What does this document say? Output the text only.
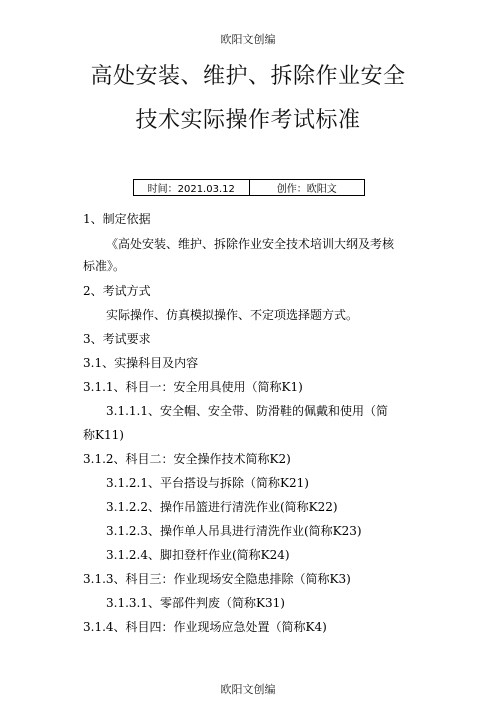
欧阳文创编
高处安装、维护、拆除作业安全
技术实际操作考试标准
时间：2021.03.12	创作：欧阳文
1、制定依据
《高处安装、维护、拆除作业安全技术培训大纲及考核
标准》。
2、考试方式
实际操作、仿真模拟操作、不定项选择题方式。
3、考试要求
3.1、实操科目及内容
3.1.1、科目一：安全用具使用（简称K1)
3.1.1.1、安全帽、安全带、防滑鞋的佩戴和使用（简
称K11)
3.1.2、科目二：安全操作技术简称K2)
3.1.2.1、平台搭设与拆除（简称K21)
3.1.2.2、操作吊篮进行清洗作业(简称K22)
3.1.2.3、操作单人吊具进行清洗作业(简称K23)
3.1.2.4、脚扣登杆作业(简称K24)
3.1.3、科目三：作业现场安全隐患排除（简称K3)
3.1.3.1、零部件判废（简称K31)
3.1.4、科目四：作业现场应急处置（简称K4)
欧阳文创编
